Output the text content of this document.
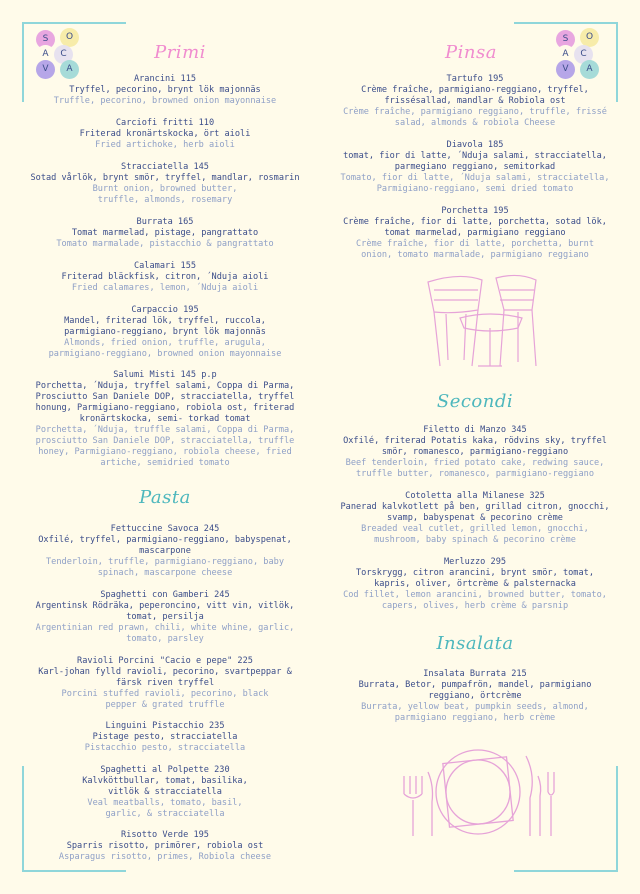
S	O
A	C
V	A
S	O
A	C
V	A
Primi
Arancini 115
Tryffel, pecorino, brynt lök majonnäs
Truffle, pecorino, browned onion mayonnaise
Carciofi fritti 110
Friterad kronärtskocka, ört aioli
Fried artichoke, herb aioli
Stracciatella 145
Sotad vårlök, brynt smör, tryffel, mandlar, rosmarin
Burnt onion, browned butter, truffle, almonds, rosemary
Burrata 165
Tomat marmelad, pistage, pangrattato
Tomato marmalade, pistacchio & pangrattato
Calamari 155
Friterad bläckfisk, citron, ´Nduja aioli
Fried calamares, lemon, ´Nduja aioli
Carpaccio 195
Mandel, friterad lök, tryffel, ruccola, parmigiano-reggiano, brynt lök majonnäs
Almonds, fried onion, truffle, arugula, parmigiano-reggiano, browned onion mayonnaise
Salumi Misti 145 p.p
Porchetta, ´Nduja, tryffel salami, Coppa di Parma, Prosciutto San Daniele DOP, stracciatella, tryffel honung, Parmigiano-reggiano, robiola ost, friterad kronärtskocka, semi- torkad tomat
Porchetta, ´Nduja, truffle salami, Coppa di Parma, prosciutto San Daniele DOP, stracciatella, truffle honey, Parmigiano-reggiano, robiola cheese, fried artiche, semidried tomato
Pasta
Fettuccine Savoca 245
Oxfilé, tryffel, parmigiano-reggiano, babyspenat, mascarpone
Tenderloin, truffle, parmigiano-reggiano, baby spinach, mascarpone cheese
Spaghetti con Gamberi 245
Argentinsk Rödräka, peperoncino, vitt vin, vitlök, tomat, persilja
Argentinian red prawn, chili, white whine, garlic, tomato, parsley
Ravioli Porcini "Cacio e pepe" 225
Karl-johan fylld ravioli, pecorino, svartpeppar & färsk riven tryffel
Porcini stuffed ravioli, pecorino, black pepper & grated truffle
Linguini Pistacchio 235
Pistage pesto, stracciatella
Pistacchio pesto, stracciatella
Spaghetti al Polpette 230
Kalvköttbullar, tomat, basilika, vitlök & stracciatella
Veal meatballs, tomato, basil, garlic, & stracciatella
Risotto Verde 195
Sparris risotto, primörer, robiola ost
Asparagus risotto, primes, Robiola cheese
Pinsa
Tartufo 195
Crème fraîche, parmigiano-reggiano, tryffel, frissésallad, mandlar & Robiola ost
Crème fraîche, parmigiano reggiano, truffle, frissé salad, almonds & robiola Cheese
Diavola 185
tomat, fior di latte, ´Nduja salami, stracciatella, parmegiano reggiano, semitorkad
Tomato, fior di latte, ´Nduja salami, stracciatella, Parmigiano-reggiano, semi dried tomato
Porchetta 195
Crème fraîche, fior di latte, porchetta, sotad lök, tomat marmelad, parmigiano reggiano
Crème fraîche, fior di latte, porchetta, burnt onion, tomato marmalade, parmigiano reggiano
Secondi
Filetto di Manzo 345
Oxfilé, friterad Potatis kaka, rödvins sky, tryffel smör, romanesco, parmigiano-reggiano
Beef tenderloin, fried potato cake, redwing sauce, truffle butter, romanesco, parmigiano-reggiano
Cotoletta alla Milanese 325
Panerad kalvkotlett på ben, grillad citron, gnocchi, svamp, babyspenat & pecorino crème
Breaded veal cutlet, grilled lemon, gnocchi, mushroom, baby spinach & pecorino crème
Merluzzo 295
Torskrygg, citron arancini, brynt smör, tomat, kapris, oliver, örtcrème & palsternacka
Cod fillet, lemon arancini, browned butter, tomato, capers, olives, herb crème & parsnip
Insalata
Insalata Burrata 215
Burrata, Betor, pumpafrön, mandel, parmigiano reggiano, örtcrème
Burrata, yellow beat, pumpkin seeds, almond, parmigiano reggiano, herb crème
